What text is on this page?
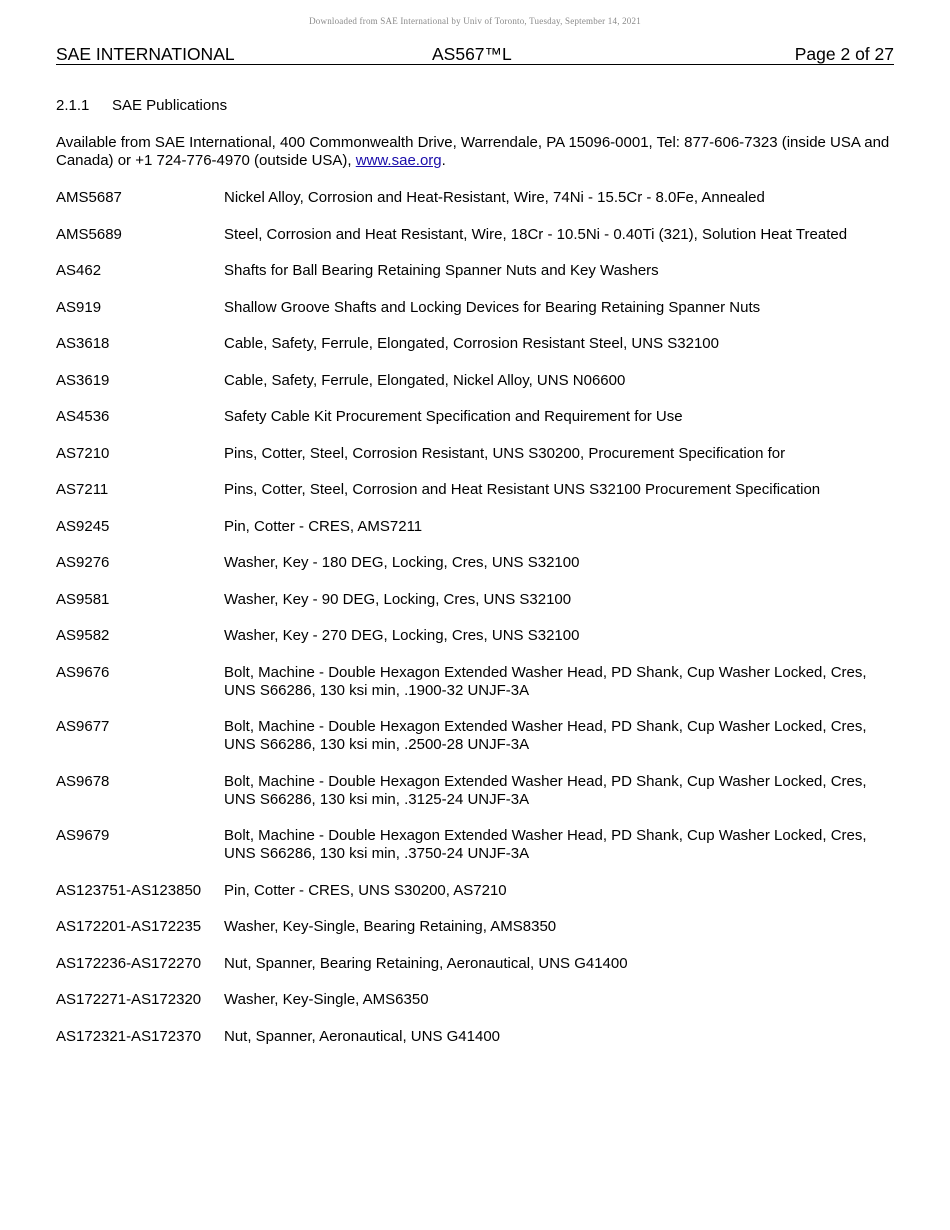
Downloaded from SAE International by Univ of Toronto, Tuesday, September 14, 2021
SAE INTERNATIONAL	AS567™L	Page 2 of 27
2.1.1 SAE Publications

Available from SAE International, 400 Commonwealth Drive, Warrendale, PA 15096-0001, Tel: 877-606-7323 (inside USA and Canada) or +1 724-776-4970 (outside USA), www.sae.org.

AMS5687	Nickel Alloy, Corrosion and Heat-Resistant, Wire, 74Ni - 15.5Cr - 8.0Fe, Annealed
AMS5689	Steel, Corrosion and Heat Resistant, Wire, 18Cr - 10.5Ni - 0.40Ti (321), Solution Heat Treated
AS462	Shafts for Ball Bearing Retaining Spanner Nuts and Key Washers
AS919	Shallow Groove Shafts and Locking Devices for Bearing Retaining Spanner Nuts
AS3618	Cable, Safety, Ferrule, Elongated, Corrosion Resistant Steel, UNS S32100
AS3619	Cable, Safety, Ferrule, Elongated, Nickel Alloy, UNS N06600
AS4536	Safety Cable Kit Procurement Specification and Requirement for Use
AS7210	Pins, Cotter, Steel, Corrosion Resistant, UNS S30200, Procurement Specification for
AS7211	Pins, Cotter, Steel, Corrosion and Heat Resistant UNS S32100 Procurement Specification
AS9245	Pin, Cotter - CRES, AMS7211
AS9276	Washer, Key - 180 DEG, Locking, Cres, UNS S32100
AS9581	Washer, Key - 90 DEG, Locking, Cres, UNS S32100
AS9582	Washer, Key - 270 DEG, Locking, Cres, UNS S32100
AS9676	Bolt, Machine - Double Hexagon Extended Washer Head, PD Shank, Cup Washer Locked, Cres, UNS S66286, 130 ksi min, .1900-32 UNJF-3A
AS9677	Bolt, Machine - Double Hexagon Extended Washer Head, PD Shank, Cup Washer Locked, Cres, UNS S66286, 130 ksi min, .2500-28 UNJF-3A
AS9678	Bolt, Machine - Double Hexagon Extended Washer Head, PD Shank, Cup Washer Locked, Cres, UNS S66286, 130 ksi min, .3125-24 UNJF-3A
AS9679	Bolt, Machine - Double Hexagon Extended Washer Head, PD Shank, Cup Washer Locked, Cres, UNS S66286, 130 ksi min, .3750-24 UNJF-3A
AS123751-AS123850	Pin, Cotter - CRES, UNS S30200, AS7210
AS172201-AS172235	Washer, Key-Single, Bearing Retaining, AMS8350
AS172236-AS172270	Nut, Spanner, Bearing Retaining, Aeronautical, UNS G41400
AS172271-AS172320	Washer, Key-Single, AMS6350
AS172321-AS172370	Nut, Spanner, Aeronautical, UNS G41400
